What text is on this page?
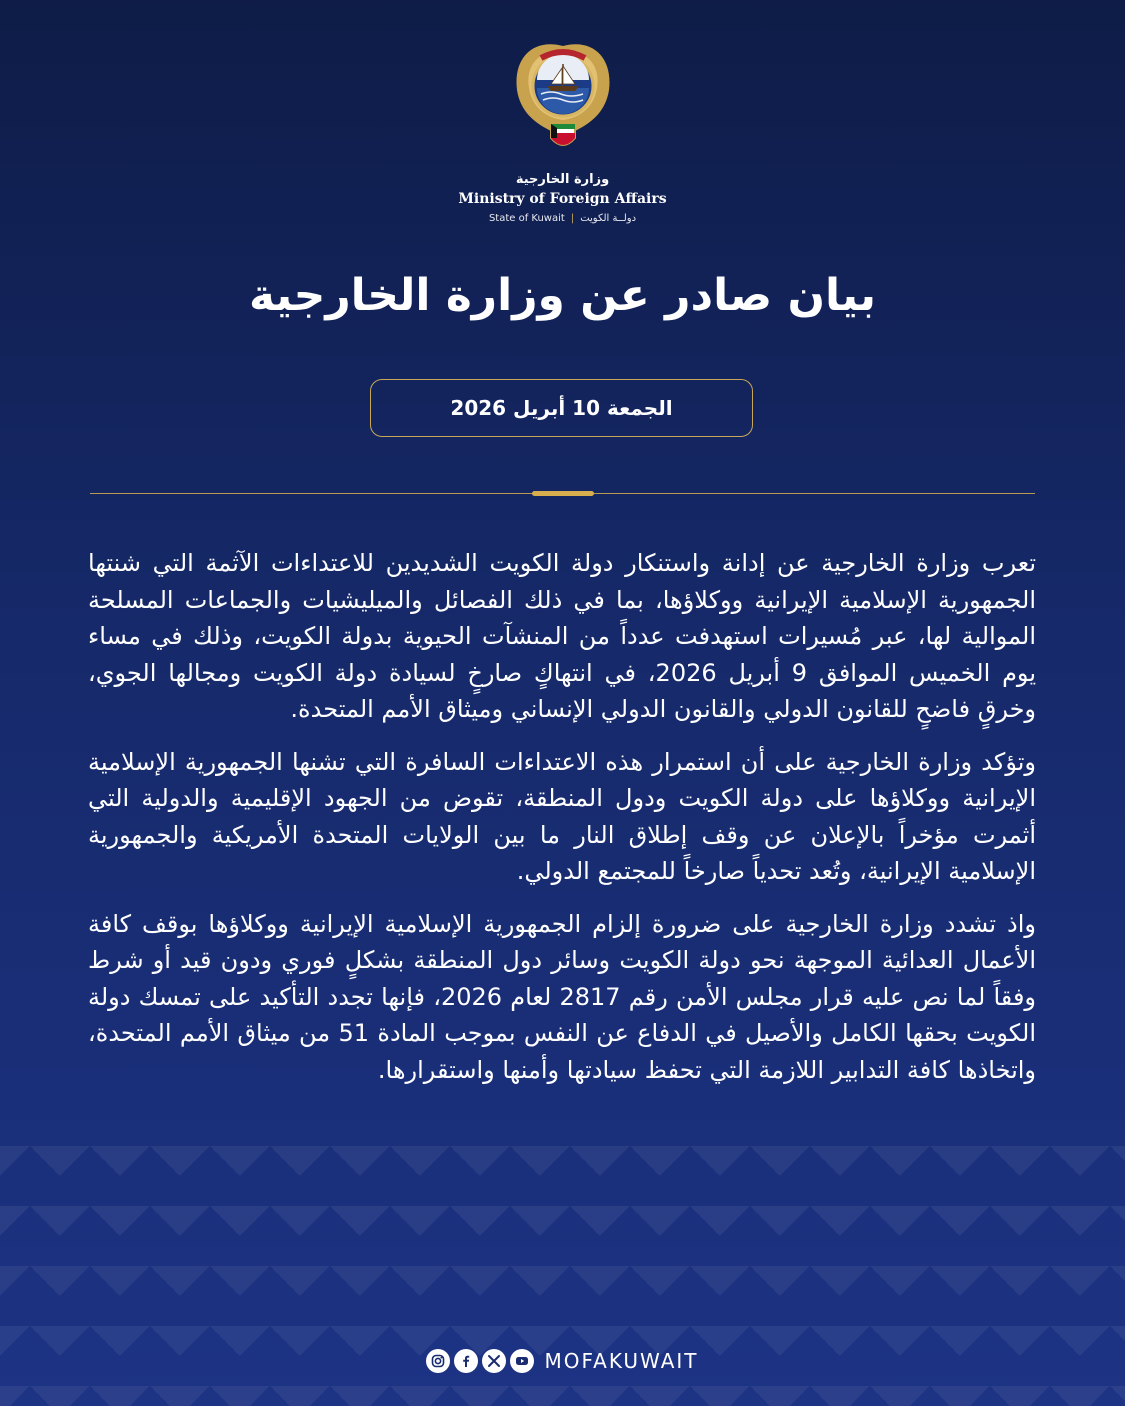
وزارة الخارجية
Ministry of Foreign Affairs
State of Kuwait | دولــة الكويت
بيان صادر عن وزارة الخارجية
الجمعة 10 أبريل 2026

تعرب وزارة الخارجية عن إدانة واستنكار دولة الكويت الشديدين للاعتداءات الآثمة التي شنتها الجمهورية الإسلامية الإيرانية ووكلاؤها، بما في ذلك الفصائل والميليشيات والجماعات المسلحة الموالية لها، عبر مُسيرات استهدفت عدداً من المنشآت الحيوية بدولة الكويت، وذلك في مساء يوم الخميس الموافق 9 أبريل 2026، في انتهاكٍ صارخٍ لسيادة دولة الكويت ومجالها الجوي، وخرقٍ فاضحٍ للقانون الدولي والقانون الدولي الإنساني وميثاق الأمم المتحدة.

وتؤكد وزارة الخارجية على أن استمرار هذه الاعتداءات السافرة التي تشنها الجمهورية الإسلامية الإيرانية ووكلاؤها على دولة الكويت ودول المنطقة، تقوض من الجهود الإقليمية والدولية التي أثمرت مؤخراً بالإعلان عن وقف إطلاق النار ما بين الولايات المتحدة الأمريكية والجمهورية الإسلامية الإيرانية، وتُعد تحدياً صارخاً للمجتمع الدولي.

واذ تشدد وزارة الخارجية على ضرورة إلزام الجمهورية الإسلامية الإيرانية ووكلاؤها بوقف كافة الأعمال العدائية الموجهة نحو دولة الكويت وسائر دول المنطقة بشكلٍ فوري ودون قيد أو شرط وفقاً لما نص عليه قرار مجلس الأمن رقم 2817 لعام 2026، فإنها تجدد التأكيد على تمسك دولة الكويت بحقها الكامل والأصيل في الدفاع عن النفس بموجب المادة 51 من ميثاق الأمم المتحدة، واتخاذها كافة التدابير اللازمة التي تحفظ سيادتها وأمنها واستقرارها.

MOFAKUWAIT
